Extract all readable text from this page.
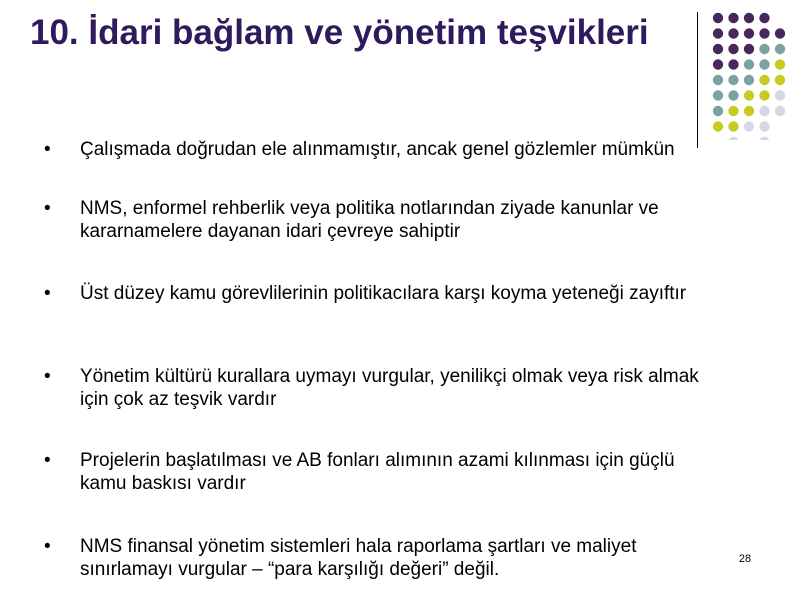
10. İdari bağlam ve yönetim teşvikleri
•	Çalışmada doğrudan ele alınmamıştır, ancak genel gözlemler mümkün
•	NMS, enformel rehberlik veya politika notlarından ziyade kanunlar ve kararnamelere dayanan idari çevreye sahiptir
•	Üst düzey kamu görevlilerinin politikacılara karşı koyma yeteneği zayıftır
•	Yönetim kültürü kurallara uymayı vurgular, yenilikçi olmak veya risk almak için çok az teşvik vardır
•	Projelerin başlatılması ve AB fonları alımının azami kılınması için güçlü kamu baskısı vardır
•	NMS finansal yönetim sistemleri hala raporlama şartları ve maliyet sınırlamayı vurgular – “para karşılığı değeri” değil.	28
